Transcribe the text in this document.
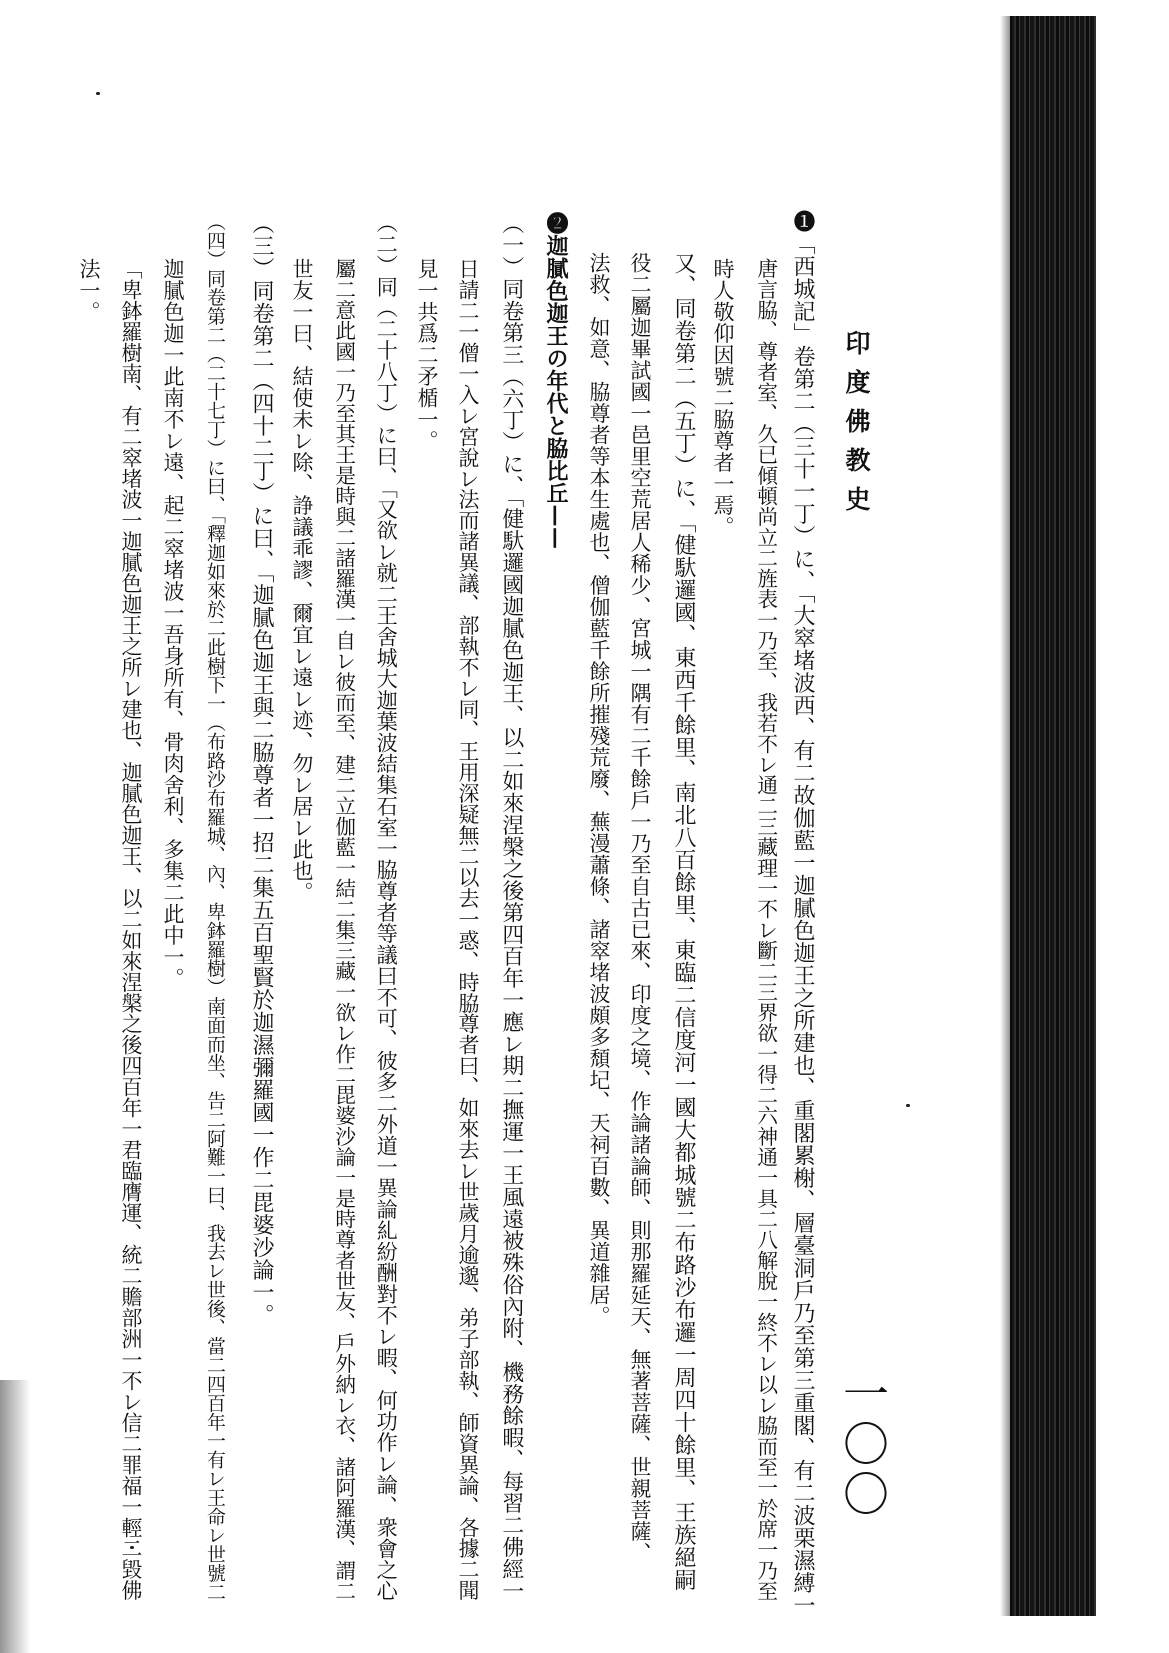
印度佛教史
一〇〇
❶「西城記」卷第二（三十一丁）に、「大窣堵波西、有二故伽藍一迦膩色迦王之所建也、重閣累榭、層臺洞戶乃至第三重閣、有二波栗濕縛一
唐言脇、尊者室、久已傾頓尚立二旌表一乃至、我若不レ通二三藏理一不レ斷二三界欲一得二六神通一具二八解脫一終不レ以レ脇而至一於席一乃至
時人敬仰因號二脇尊者一焉。
又、同卷第二（五丁）に、「健馱邏國、東西千餘里、南北八百餘里、東臨二信度河一國大都城號二布路沙布邏一周四十餘里、王族絕嗣
役二屬迦畢試國一邑里空荒居人稀少、宮城一隅有二千餘戶一乃至自古已來、印度之境、作論諸論師、則那羅延天、無著菩薩、世親菩薩、
法救、如意、脇尊者等本生處也、僧伽藍千餘所摧殘荒廢、蕪漫蕭條、諸窣堵波頗多頹圮、天祠百數、異道雜居。
❷迦膩色迦王の年代と脇比丘——
（一）同卷第三（六丁）に、「健馱邏國迦膩色迦王、以二如來涅槃之後第四百年一應レ期二撫運一王風遠被殊俗內附、機務餘暇、每習二佛經一
日請二一僧一入レ宮說レ法而諸異議、部執不レ同、王用深疑無二以去一惑、時脇尊者曰、如來去レ世歲月逾邈、弟子部執、師資異論、各據二聞
見一共爲二矛楯一。
（二）同（二十八丁）に曰、「又欲レ就二王舍城大迦葉波結集石室一脇尊者等議曰不可、彼多二外道一異論糺紛酬對不レ暇、何功作レ論、衆會之心
屬二意此國一乃至其王是時與二諸羅漢一自レ彼而至、建二立伽藍一結二集三藏一欲レ作二毘婆沙論一是時尊者世友、戶外納レ衣、諸阿羅漢、謂二
世友一曰、結使未レ除、諍議乖謬、爾宜レ遠レ迹、勿レ居レ此也。
（三）同卷第二（四十二丁）に曰、「迦膩色迦王與二脇尊者一招二集五百聖賢於迦濕彌羅國一作二毘婆沙論一。
（四）同卷第二（二十七丁）に曰、「釋迦如來於二此樹下一（布路沙布羅城、內、卑鉢羅樹）南面而坐、告二阿難一曰、我去レ世後、當二四百年一有レ王命レ世號二
迦膩色迦一此南不レ遠、起二窣堵波一吾身所有、骨肉舍利、多集二此中一。
「卑鉢羅樹南、有二窣堵波一迦膩色迦王之所レ建也、迦膩色迦王、以二如來涅槃之後四百年一君臨膺運、統二贍部洲一不レ信二罪福一輕二毀佛
法一。
